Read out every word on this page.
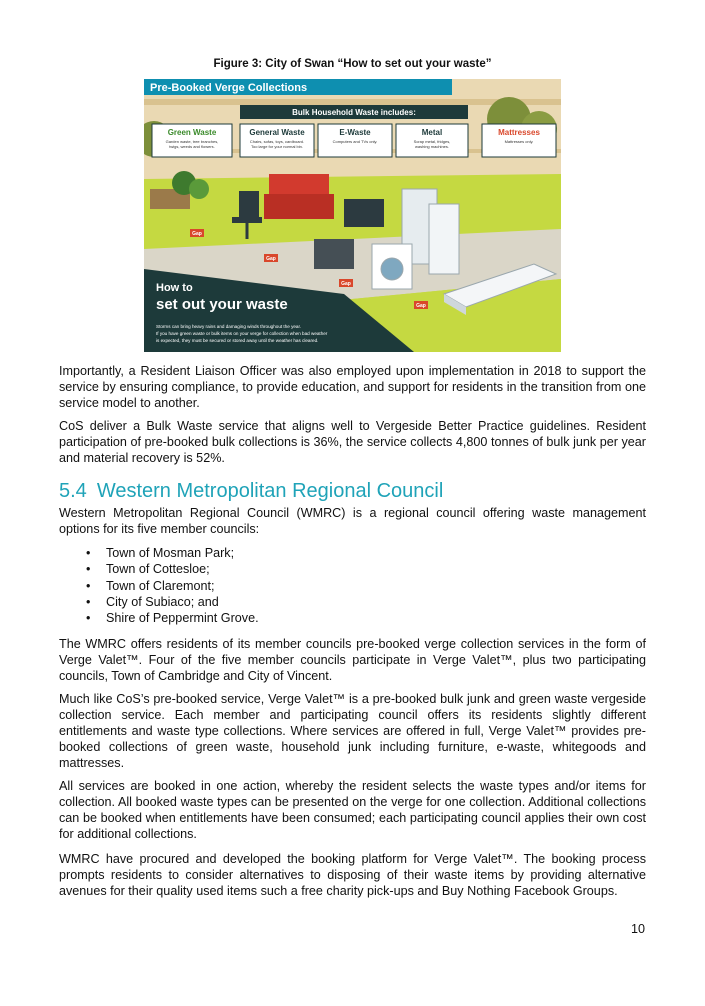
Figure 3: City of Swan “How to set out your waste”
Pre-Booked Verge Collections
Bulk Household Waste includes:
Green Waste
Garden waste, tree branches,
twigs, weeds and flowers.
General Waste
Chairs, sofas, toys, cardboard.
Too large for your normal bin.
E-Waste
Computers and TVs only.
Metal
Scrap metal, fridges,
washing machines.
Mattresses
Mattresses only.
Gap
Gap
Gap
Gap
How to
set out your waste
Storms can bring heavy rains and damaging winds throughout the year.
If you have green waste or bulk items on your verge for collection when bad weather
is expected, they must be secured or stored away until the weather has cleared.

Importantly, a Resident Liaison Officer was also employed upon implementation in 2018 to support the service by ensuring compliance, to provide education, and support for residents in the transition from one service model to another.

CoS deliver a Bulk Waste service that aligns well to Vergeside Better Practice guidelines. Resident participation of pre-booked bulk collections is 36%, the service collects 4,800 tonnes of bulk junk per year and material recovery is 52%.

5.4 Western Metropolitan Regional Council

Western Metropolitan Regional Council (WMRC) is a regional council offering waste management options for its five member councils:

• Town of Mosman Park;
• Town of Cottesloe;
• Town of Claremont;
• City of Subiaco; and
• Shire of Peppermint Grove.

The WMRC offers residents of its member councils pre-booked verge collection services in the form of Verge Valet™. Four of the five member councils participate in Verge Valet™, plus two participating councils, Town of Cambridge and City of Vincent.

Much like CoS’s pre-booked service, Verge Valet™ is a pre-booked bulk junk and green waste vergeside collection service. Each member and participating council offers its residents slightly different entitlements and waste type collections. Where services are offered in full, Verge Valet™ provides pre-booked collections of green waste, household junk including furniture, e-waste, whitegoods and mattresses.

All services are booked in one action, whereby the resident selects the waste types and/or items for collection. All booked waste types can be presented on the verge for one collection. Additional collections can be booked when entitlements have been consumed; each participating council applies their own cost for additional collections.

WMRC have procured and developed the booking platform for Verge Valet™. The booking process prompts residents to consider alternatives to disposing of their waste items by providing alternative avenues for their quality used items such a free charity pick-ups and Buy Nothing Facebook Groups.

10
